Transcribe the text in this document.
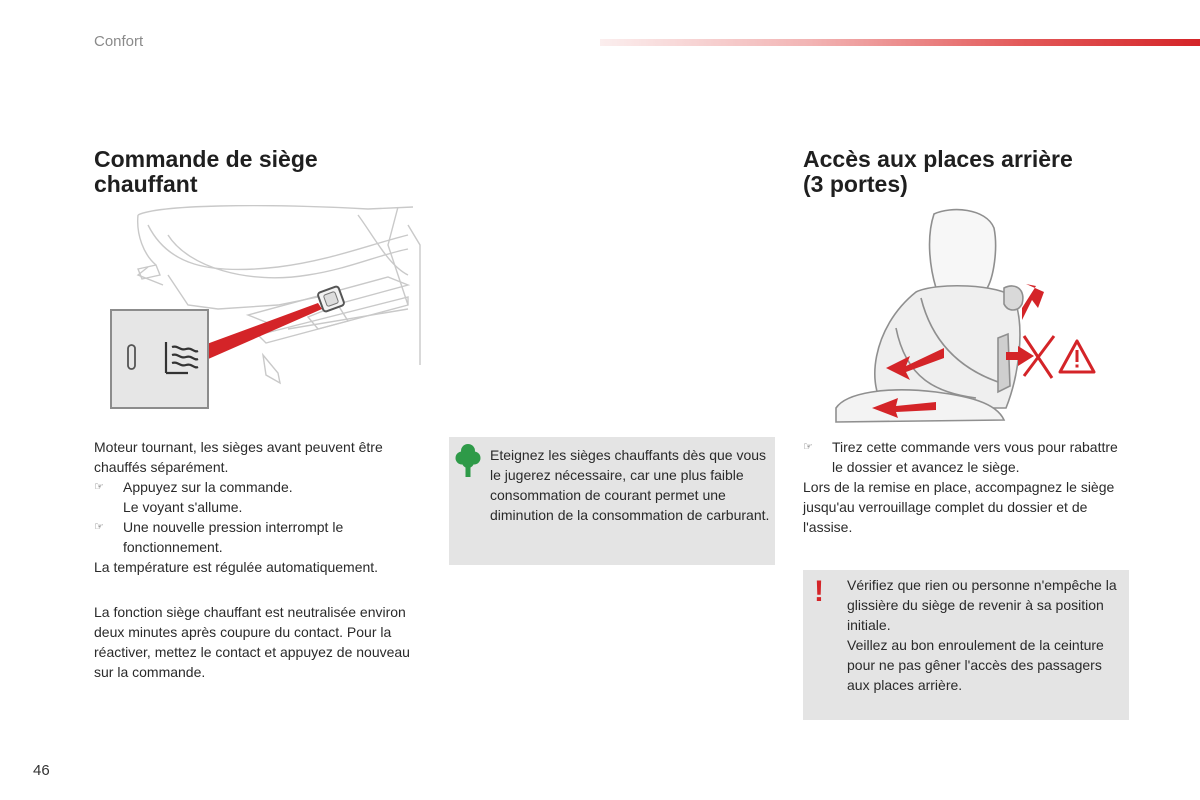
Confort
Commande de siège
chauffant

Moteur tournant, les sièges avant peuvent être chauffés séparément.

☞	Appuyez sur la commande.
Le voyant s'allume.
☞	Une nouvelle pression interrompt le fonctionnement.

La température est régulée automatiquement.

La fonction siège chauffant est neutralisée environ deux minutes après coupure du contact. Pour la réactiver, mettez le contact et appuyez de nouveau sur la commande.
Eteignez les sièges chauffants dès que vous le jugerez nécessaire, car une plus faible consommation de courant permet une diminution de la consommation de carburant.
Accès aux places arrière
(3 portes)
☞	Tirez cette commande vers vous pour rabattre le dossier et avancez le siège.

Lors de la remise en place, accompagnez le siège jusqu'au verrouillage complet du dossier et de l'assise.

! Vérifiez que rien ou personne n'empêche la glissière du siège de revenir à sa position initiale.

Veillez au bon enroulement de la ceinture pour ne pas gêner l'accès des passagers aux places arrière.

46
